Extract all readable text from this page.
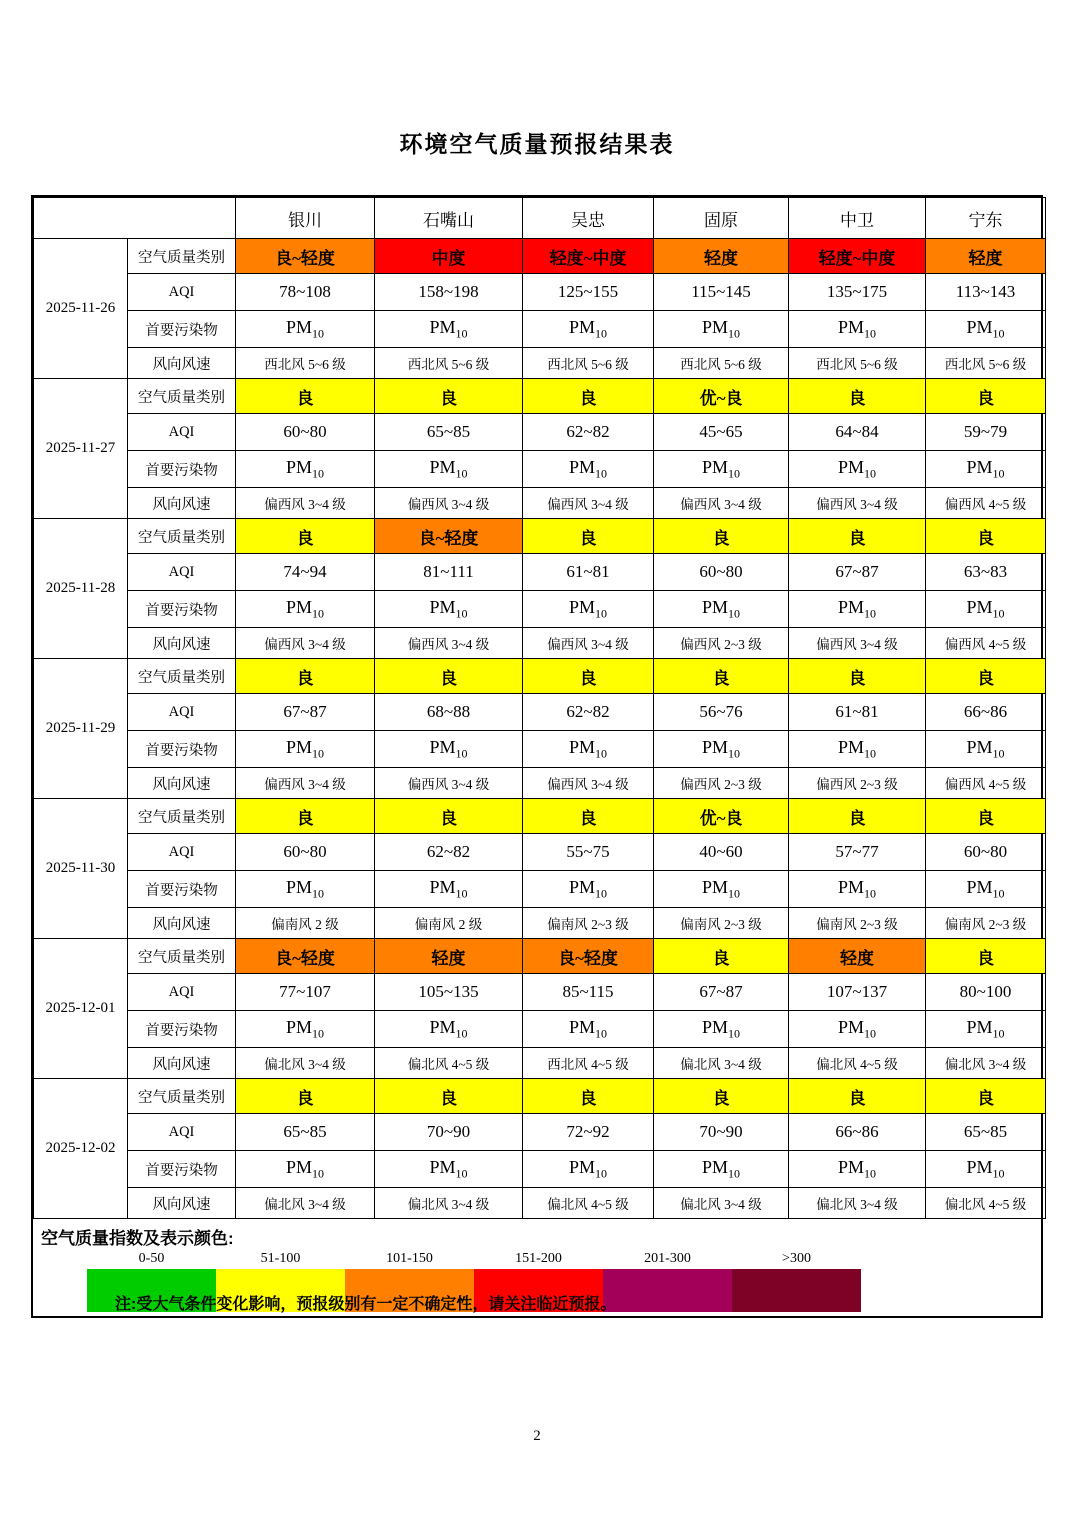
环境空气质量预报结果表
		银川	石嘴山	吴忠	固原	中卫	宁东
2025-11-26	空气质量类别	良~轻度	中度	轻度~中度	轻度	轻度~中度	轻度
	AQI	78~108	158~198	125~155	115~145	135~175	113~143
	首要污染物	$PM_{10}$	$PM_{10}$	$PM_{10}$	$PM_{10}$	$PM_{10}$	$PM_{10}$
	风向风速	西北风 5~6 级	西北风 5~6 级	西北风 5~6 级	西北风 5~6 级	西北风 5~6 级	西北风 5~6 级
2025-11-27	空气质量类别	良	良	良	优~良	良	良
	AQI	60~80	65~85	62~82	45~65	64~84	59~79
	首要污染物	$PM_{10}$	$PM_{10}$	$PM_{10}$	$PM_{10}$	$PM_{10}$	$PM_{10}$
	风向风速	偏西风 3~4 级	偏西风 3~4 级	偏西风 3~4 级	偏西风 3~4 级	偏西风 3~4 级	偏西风 4~5 级
2025-11-28	空气质量类别	良	良~轻度	良	良	良	良
	AQI	74~94	81~111	61~81	60~80	67~87	63~83
	首要污染物	$PM_{10}$	$PM_{10}$	$PM_{10}$	$PM_{10}$	$PM_{10}$	$PM_{10}$
	风向风速	偏西风 3~4 级	偏西风 3~4 级	偏西风 3~4 级	偏西风 2~3 级	偏西风 3~4 级	偏西风 4~5 级
2025-11-29	空气质量类别	良	良	良	良	良	良
	AQI	67~87	68~88	62~82	56~76	61~81	66~86
	首要污染物	$PM_{10}$	$PM_{10}$	$PM_{10}$	$PM_{10}$	$PM_{10}$	$PM_{10}$
	风向风速	偏西风 3~4 级	偏西风 3~4 级	偏西风 3~4 级	偏西风 2~3 级	偏西风 2~3 级	偏西风 4~5 级
2025-11-30	空气质量类别	良	良	良	优~良	良	良
	AQI	60~80	62~82	55~75	40~60	57~77	60~80
	首要污染物	$PM_{10}$	$PM_{10}$	$PM_{10}$	$PM_{10}$	$PM_{10}$	$PM_{10}$
	风向风速	偏南风 2 级	偏南风 2 级	偏南风 2~3 级	偏南风 2~3 级	偏南风 2~3 级	偏南风 2~3 级
2025-12-01	空气质量类别	良~轻度	轻度	良~轻度	良	轻度	良
	AQI	77~107	105~135	85~115	67~87	107~137	80~100
	首要污染物	$PM_{10}$	$PM_{10}$	$PM_{10}$	$PM_{10}$	$PM_{10}$	$PM_{10}$
	风向风速	偏北风 3~4 级	偏北风 4~5 级	西北风 4~5 级	偏北风 3~4 级	偏北风 4~5 级	偏北风 3~4 级
2025-12-02	空气质量类别	良	良	良	良	良	良
	AQI	65~85	70~90	72~92	70~90	66~86	65~85
	首要污染物	$PM_{10}$	$PM_{10}$	$PM_{10}$	$PM_{10}$	$PM_{10}$	$PM_{10}$
	风向风速	偏北风 3~4 级	偏北风 3~4 级	偏北风 4~5 级	偏北风 3~4 级	偏北风 3~4 级	偏北风 4~5 级
空气质量指数及表示颜色:
0-50	51-100	101-150	151-200	201-300	>300
注:受大气条件变化影响，预报级别有一定不确定性，请关注临近预报。
2
